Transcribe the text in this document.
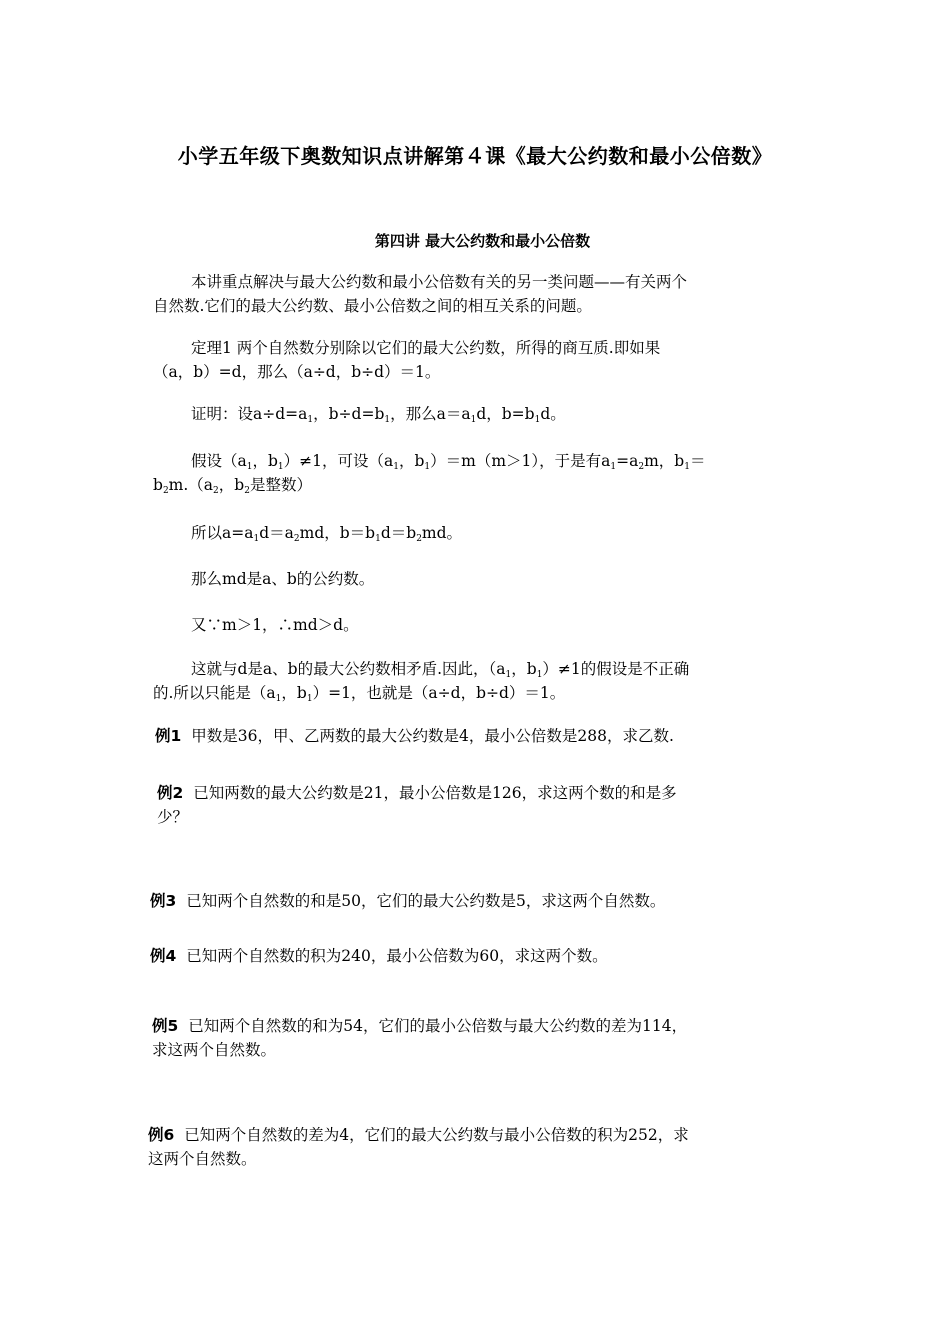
小学五年级下奥数知识点讲解第４课《最大公约数和最小公倍数》
第四讲 最大公约数和最小公倍数
本讲重点解决与最大公约数和最小公倍数有关的另一类问题——有关两个
自然数.它们的最大公约数、最小公倍数之间的相互关系的问题。
定理1 两个自然数分别除以它们的最大公约数，所得的商互质.即如果
（a，b）=d，那么（a÷d，b÷d）＝1。
证明：设$a\div d=a_1$，$b\div d=b_1$，那么$a=a_1d$，$b=b_1d$。
假设（$a_1$，$b_1)\ne 1$，可设（$a_1$，$b_1)=m(m>1)$，于是有$a_1=a_2m$，$b_1=$
$b_2m.(a_2$，$b_2$是整数）
所以$a=a_1d=a_2md$，$b=b_1d=b_2md$。
那么md是a、b的公约数。
又∵m＞1，∴md＞d。
这就与d是a、b的最大公约数相矛盾.因此，（$a_1$，$b_1)\ne 1$的假设是不正确
的.所以只能是（$a_1$，$b_1)=1$，也就是（a÷d，b÷d）＝1。
例1 甲数是36，甲、乙两数的最大公约数是4，最小公倍数是288，求乙数.
例2 已知两数的最大公约数是21，最小公倍数是126，求这两个数的和是多
少？
例3 已知两个自然数的和是50，它们的最大公约数是5，求这两个自然数。
例4 已知两个自然数的积为240，最小公倍数为60，求这两个数。
例5 已知两个自然数的和为54，它们的最小公倍数与最大公约数的差为114，
求这两个自然数。
例6 已知两个自然数的差为4，它们的最大公约数与最小公倍数的积为252，求
这两个自然数。
